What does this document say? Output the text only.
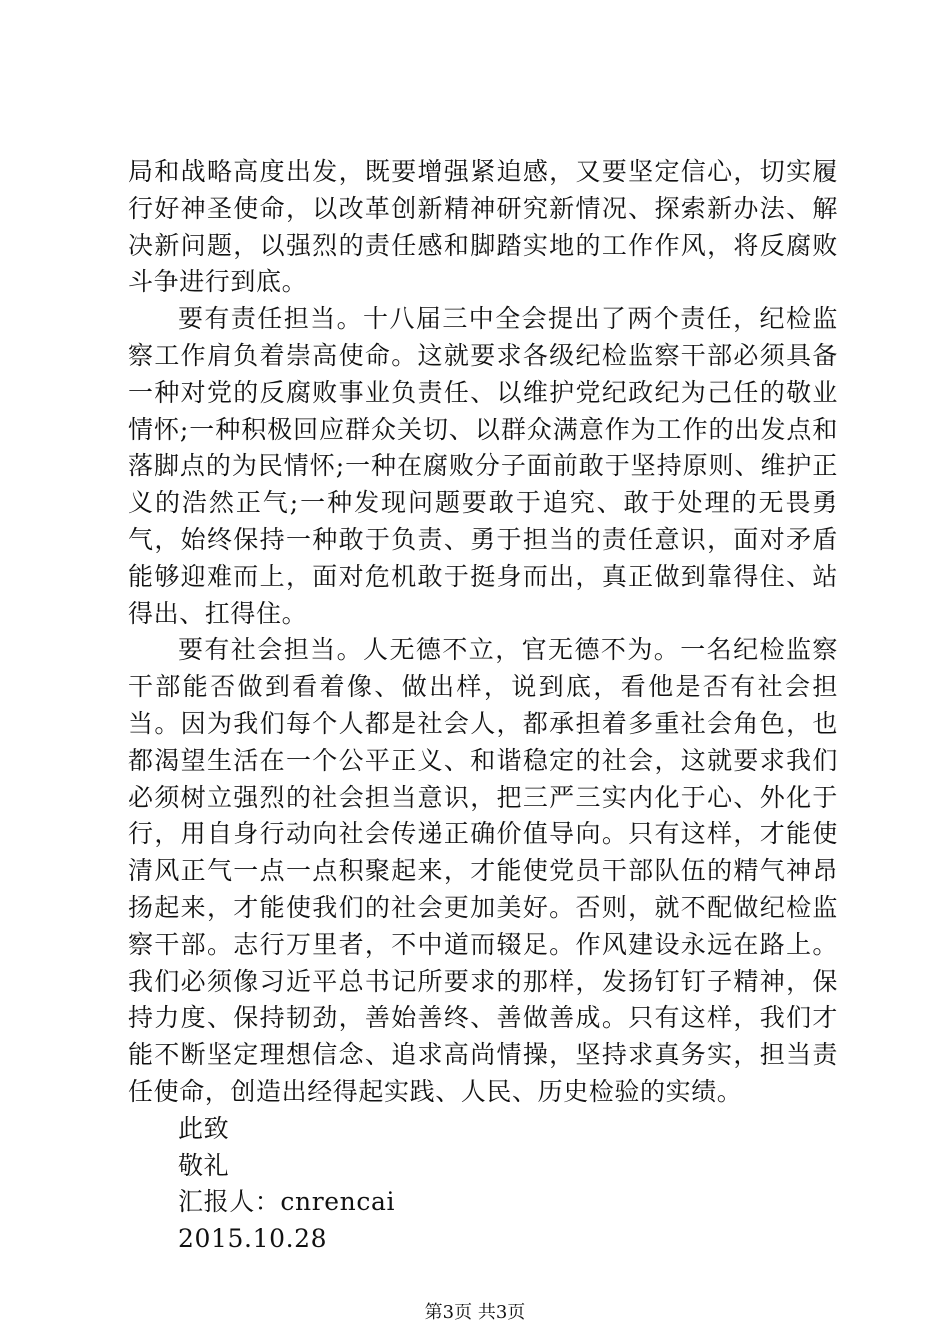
局和战略高度出发，既要增强紧迫感，又要坚定信心，切实履行好神圣使命，以改革创新精神研究新情况、探索新办法、解决新问题，以强烈的责任感和脚踏实地的工作作风，将反腐败斗争进行到底。

要有责任担当。十八届三中全会提出了两个责任，纪检监察工作肩负着崇高使命。这就要求各级纪检监察干部必须具备一种对党的反腐败事业负责任、以维护党纪政纪为己任的敬业情怀;一种积极回应群众关切、以群众满意作为工作的出发点和落脚点的为民情怀;一种在腐败分子面前敢于坚持原则、维护正义的浩然正气;一种发现问题要敢于追究、敢于处理的无畏勇气，始终保持一种敢于负责、勇于担当的责任意识，面对矛盾能够迎难而上，面对危机敢于挺身而出，真正做到靠得住、站得出、扛得住。

要有社会担当。人无德不立，官无德不为。一名纪检监察干部能否做到看着像、做出样，说到底，看他是否有社会担当。因为我们每个人都是社会人，都承担着多重社会角色，也都渴望生活在一个公平正义、和谐稳定的社会，这就要求我们必须树立强烈的社会担当意识，把三严三实内化于心、外化于行，用自身行动向社会传递正确价值导向。只有这样，才能使清风正气一点一点积聚起来，才能使党员干部队伍的精气神昂扬起来，才能使我们的社会更加美好。否则，就不配做纪检监察干部。志行万里者，不中道而辍足。作风建设永远在路上。我们必须像习近平总书记所要求的那样，发扬钉钉子精神，保持力度、保持韧劲，善始善终、善做善成。只有这样，我们才能不断坚定理想信念、追求高尚情操，坚持求真务实，担当责任使命，创造出经得起实践、人民、历史检验的实绩。

此致

敬礼

汇报人：cnrencai

2015.10.28

第3页 共3页
